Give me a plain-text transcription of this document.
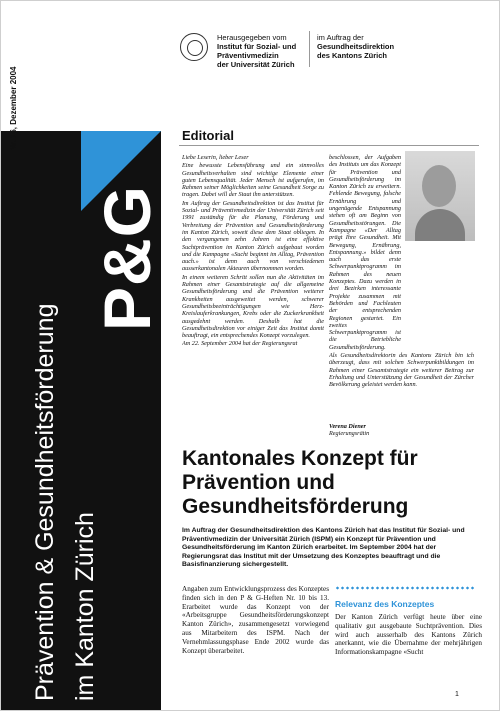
Nr. 16, Dezember 2004
Prävention & Gesundheitsförderung im Kanton Zürich
P&G
Herausgegeben vom
Institut für Sozial- und
Präventivmedizin
der Universität Zürich
im Auftrag der
Gesundheitsdirektion
des Kantons Zürich
Editorial

Liebe Leserin, lieber Leser

Eine bewusste Lebensführung und ein sinnvolles Gesundheitsverhalten sind wichtige Elemente einer guten Lebensqualität. Jeder Mensch ist aufgerufen, im Rahmen seiner Möglichkeiten seine Gesundheit Sorge zu tragen. Dabei will der Staat ihn unterstützen.

Im Auftrag der Gesundheitsdirektion ist das Institut für Sozial- und Präventivmedizin der Universität Zürich seit 1991 zuständig für die Planung, Förderung und Verbreitung der Prävention und Gesundheitsförderung im Kanton Zürich, soweit diese dem Staat obliegen. In den vergangenen zehn Jahren ist eine effektive Suchtprävention im Kanton Zürich aufgebaut worden und die Kampagne «Sucht beginnt im Alltag, Prävention auch.» ist denn auch von verschiedenen ausserkantonalen Akteuren übernommen worden.

In einem weiteren Schritt sollen nun die Aktivitäten im Rahmen einer Gesamtstrategie auf die allgemeine Gesundheitsförderung und die Prävention weiterer Krankheiten ausgeweitet werden, schwerer Gesundheitsbeeinträchtigungen wie Herz-Kreislauferkrankungen, Krebs oder die Zuckerkrankheit ausgedehnt werden. Deshalb hat die Gesundheitsdirektion vor einiger Zeit das Institut damit beauftragt, ein entsprechendes Konzept vorzulegen.

Am 22. September 2004 hat der Regierungsrat

beschlossen, der Aufgaben des Instituts um das Konzept für Prävention und Gesundheitsförderung im Kanton Zürich zu erweitern. Fehlende Bewegung, falsche Ernährung und ungenügende Entspannung stehen oft am Beginn von Gesundheitsstörungen. Die Kampagne «Der Alltag prägt Ihre Gesundheit. Mit Bewegung, Ernährung, Entspannung.» bildet denn auch das erste Schwerpunktprogramm im Rahmen des neuen Konzeptes. Dazu werden in drei Bezirken interessante Projekte zusammen mit Behörden und Fachleuten der entsprechenden Regionen gestartet. Ein zweites Schwerpunktprogramm ist die Betriebliche Gesundheitsförderung.

Als Gesundheitsdirektorin des Kantons Zürich bin ich überzeugt, dass mit solchen Schwerpunktbildungen im Rahmen einer Gesamtstrategie ein weiterer Beitrag zur Erhaltung und Unterstützung der Gesundheit der Zürcher Bevölkerung geleistet werden kann.

Verena Diener
Regierungsrätin
Kantonales Konzept für Prävention und Gesundheitsförderung
Im Auftrag der Gesundheitsdirektion des Kantons Zürich hat das Institut für Sozial- und Präventivmedizin der Universität Zürich (ISPM) ein Konzept für Prävention und Gesundheitsförderung im Kanton Zürich erarbeitet. Im September 2004 hat der Regierungsrat das Institut mit der Umsetzung des Konzeptes beauftragt und die Basisfinanzierung sichergestellt.
Angaben zum Entwicklungsprozess des Konzeptes finden sich in den P & G-Heften Nr. 10 bis 13. Erarbeitet wurde das Konzept von der «Arbeitsgruppe Gesundheitsförderungskonzept Kanton Zürich», zusammengesetzt vorwiegend aus Mitarbeitern des ISPM. Nach der Vernehmlassungsphase Ende 2002 wurde das Konzept überarbeitet.
Relevanz des Konzeptes
Der Kanton Zürich verfügt heute über eine qualitativ gut ausgebaute Suchtprävention. Dies wird auch ausserhalb des Kantons Zürich anerkannt, wie die Übernahme der mehrjährigen Informationskampagne «Sucht
1
